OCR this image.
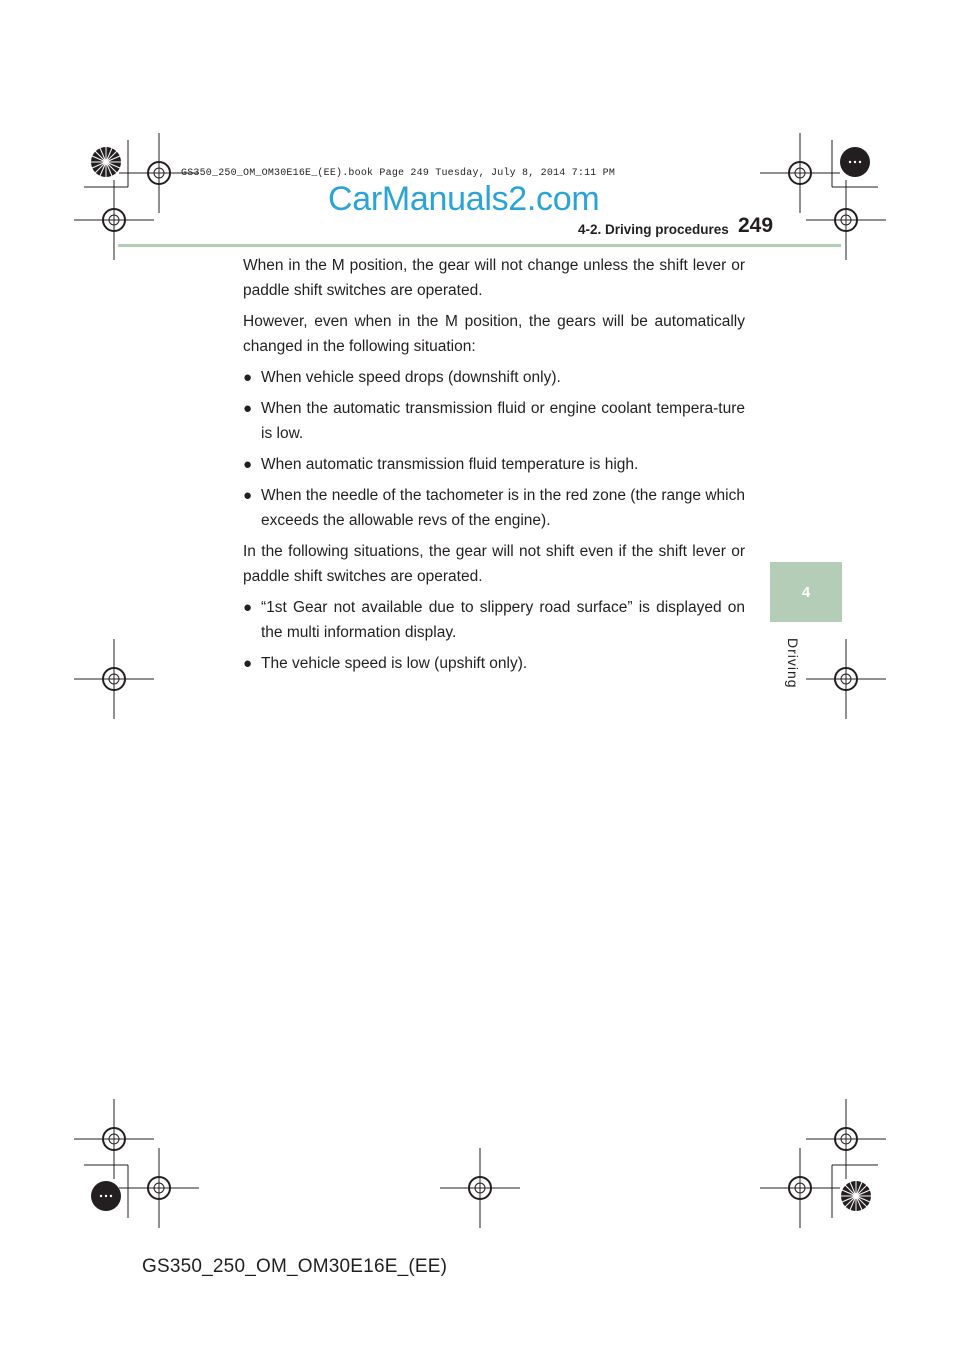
GS350_250_OM_OM30E16E_(EE).book Page 249 Tuesday, July 8, 2014 7:11 PM
CarManuals2.com
4-2. Driving procedures 249
4
Driving

When in the M position, the gear will not change unless the shift lever or paddle shift switches are operated.

However, even when in the M position, the gears will be automatically changed in the following situation:

● When vehicle speed drops (downshift only).
● When the automatic transmission fluid or engine coolant tempera-ture is low.
● When automatic transmission fluid temperature is high.
● When the needle of the tachometer is in the red zone (the range which exceeds the allowable revs of the engine).

In the following situations, the gear will not shift even if the shift lever or paddle shift switches are operated.

● “1st Gear not available due to slippery road surface” is displayed on the multi information display.
● The vehicle speed is low (upshift only).
GS350_250_OM_OM30E16E_(EE)
